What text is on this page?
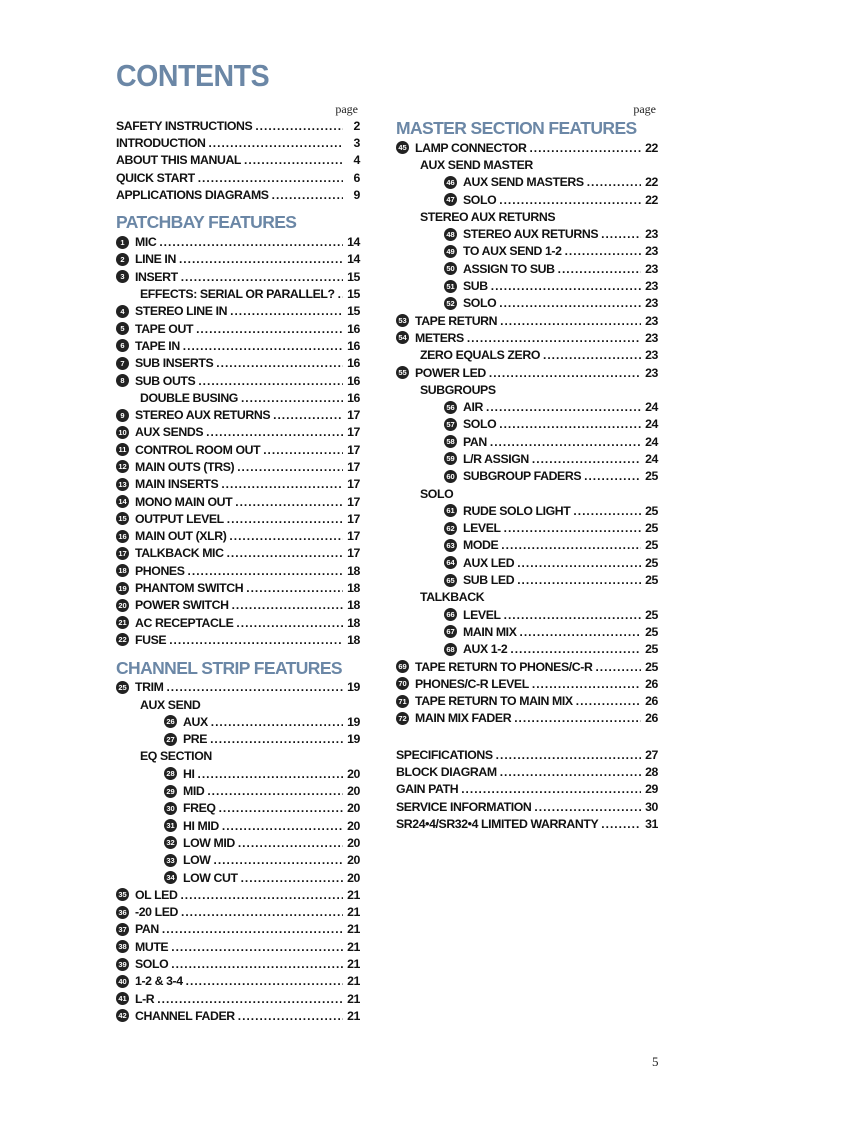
CONTENTS
page
SAFETY INSTRUCTIONS .....	2
INTRODUCTION .....	3
ABOUT THIS MANUAL .....	4
QUICK START .....	6
APPLICATIONS DIAGRAMS .....	9
PATCHBAY FEATURES
1 MIC .....	14
2 LINE IN .....	14
3 INSERT .....	15
EFFECTS: SERIAL OR PARALLEL? ..... 15
4 STEREO LINE IN .....	15
5 TAPE OUT .....	16
6 TAPE IN .....	16
7 SUB INSERTS .....	16
8 SUB OUTS .....	16
DOUBLE BUSING .....	16
9 STEREO AUX RETURNS .....	17
10 AUX SENDS .....	17
11 CONTROL ROOM OUT .....	17
12 MAIN OUTS (TRS) .....	17
13 MAIN INSERTS .....	17
14 MONO MAIN OUT .....	17
15 OUTPUT LEVEL .....	17
16 MAIN OUT (XLR) .....	17
17 TALKBACK MIC .....	17
18 PHONES .....	18
19 PHANTOM SWITCH .....	18
20 POWER SWITCH .....	18
21 AC RECEPTACLE .....	18
22 FUSE .....	18
CHANNEL STRIP FEATURES
25 TRIM .....	19
AUX SEND
26 AUX .....	19
27 PRE .....	19
EQ SECTION
28 HI .....	20
29 MID .....	20
30 FREQ .....	20
31 HI MID .....	20
32 LOW MID .....	20
33 LOW .....	20
34 LOW CUT .....	20
35 OL LED .....	21
36 -20 LED .....	21
37 PAN .....	21
38 MUTE .....	21
39 SOLO .....	21
40 1-2 & 3-4 .....	21
41 L-R .....	21
42 CHANNEL FADER .....	21
page
MASTER SECTION FEATURES
45 LAMP CONNECTOR .....	22
AUX SEND MASTER
46 AUX SEND MASTERS .....	22
47 SOLO .....	22
STEREO AUX RETURNS
48 STEREO AUX RETURNS .....	23
49 TO AUX SEND 1-2 .....	23
50 ASSIGN TO SUB .....	23
51 SUB .....	23
52 SOLO .....	23
53 TAPE RETURN .....	23
54 METERS .....	23
ZERO EQUALS ZERO .....	23
55 POWER LED .....	23
SUBGROUPS
56 AIR .....	24
57 SOLO .....	24
58 PAN .....	24
59 L/R ASSIGN .....	24
60 SUBGROUP FADERS .....	25
SOLO
61 RUDE SOLO LIGHT .....	25
62 LEVEL .....	25
63 MODE .....	25
64 AUX LED .....	25
65 SUB LED .....	25
TALKBACK
66 LEVEL .....	25
67 MAIN MIX .....	25
68 AUX 1-2 .....	25
69 TAPE RETURN TO PHONES/C-R .....	25
70 PHONES/C-R LEVEL .....	26
71 TAPE RETURN TO MAIN MIX .....	26
72 MAIN MIX FADER .....	26
SPECIFICATIONS .....	27
BLOCK DIAGRAM .....	28
GAIN PATH .....	29
SERVICE INFORMATION .....	30
SR24•4/SR32•4 LIMITED WARRANTY .....	31
5
